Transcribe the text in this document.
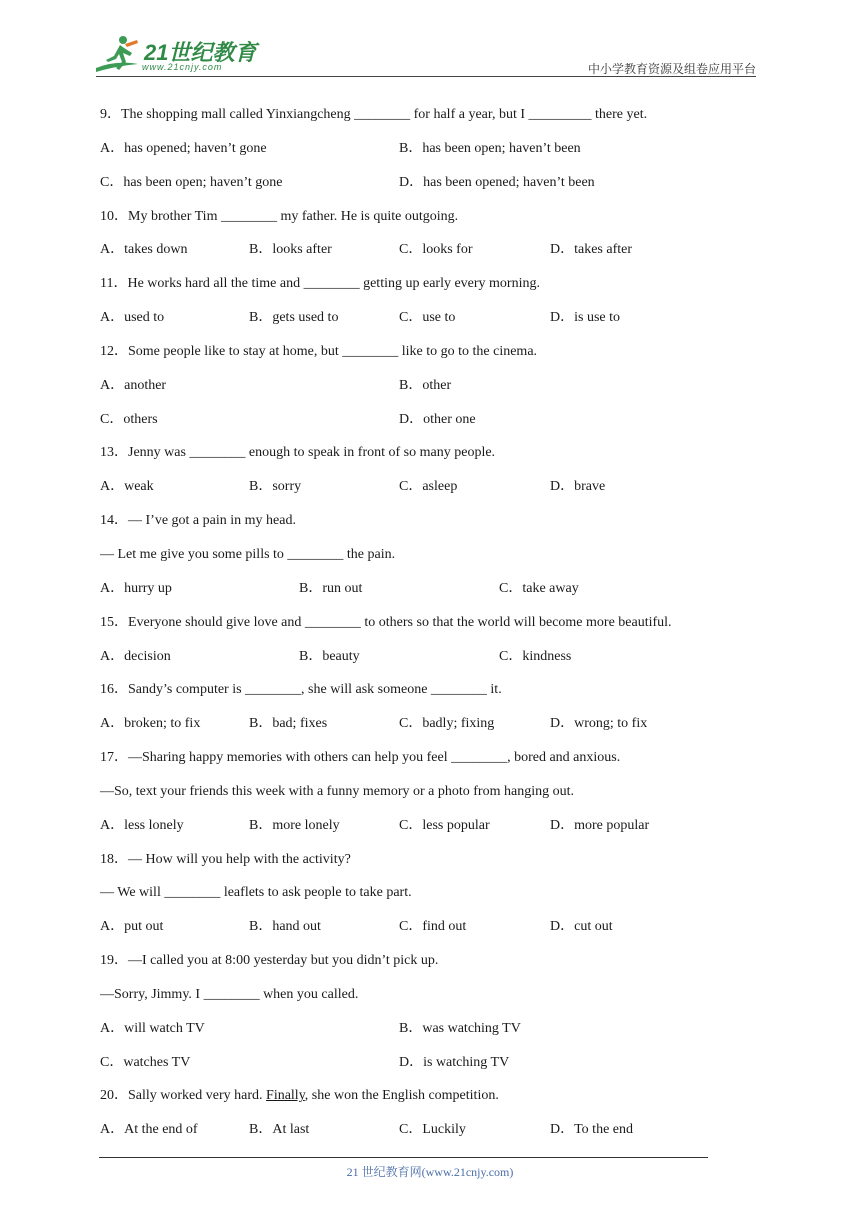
21世纪教育
www.21cnjy.com	中小学教育资源及组卷应用平台
9．The shopping mall called Yinxiangcheng ________ for half a year, but I _________ there yet.
A．has opened; haven’t gone	B．has been open; haven’t been
C．has been open; haven’t gone	D．has been opened; haven’t been
10．My brother Tim ________ my father. He is quite outgoing.
A．takes down	B．looks after	C．looks for	D．takes after
11．He works hard all the time and ________ getting up early every morning.
A．used to	B．gets used to	C．use to	D．is use to
12．Some people like to stay at home, but ________ like to go to the cinema.
A．another	B．other
C．others	D．other one
13．Jenny was ________ enough to speak in front of so many people.
A．weak	B．sorry	C．asleep	D．brave
14．— I’ve got a pain in my head.
— Let me give you some pills to ________ the pain.
A．hurry up	B．run out	C．take away
15．Everyone should give love and ________ to others so that the world will become more beautiful.
A．decision	B．beauty	C．kindness
16．Sandy’s computer is ________, she will ask someone ________ it.
A．broken; to fix	B．bad; fixes	C．badly; fixing	D．wrong; to fix
17．—Sharing happy memories with others can help you feel ________, bored and anxious.
—So, text your friends this week with a funny memory or a photo from hanging out.
A．less lonely	B．more lonely	C．less popular	D．more popular
18．— How will you help with the activity?
— We will ________ leaflets to ask people to take part.
A．put out	B．hand out	C．find out	D．cut out
19．—I called you at 8:00 yesterday but you didn’t pick up.
—Sorry, Jimmy. I ________ when you called.
A．will watch TV	B．was watching TV
C．watches TV	D．is watching TV
20．Sally worked very hard. Finally, she won the English competition.
A．At the end of	B．At last	C．Luckily	D．To the end
21 世纪教育网(www.21cnjy.com)
